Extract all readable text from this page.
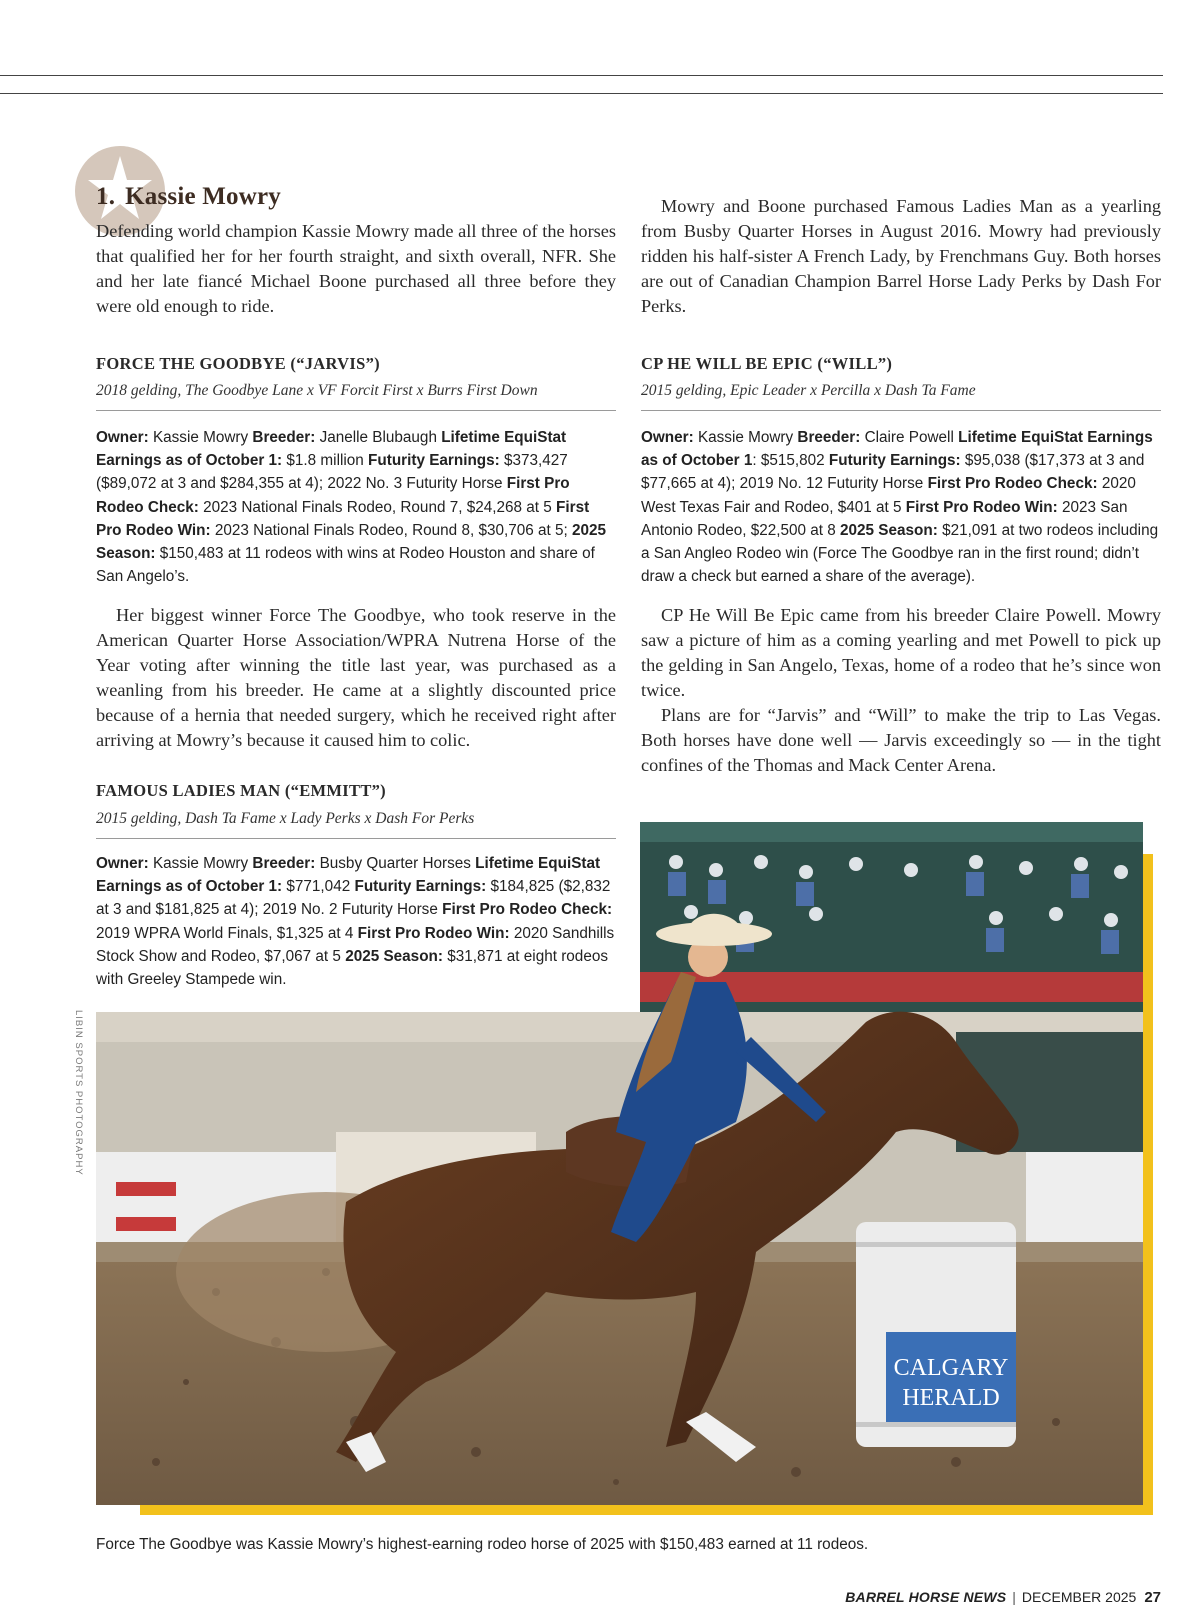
1. Kassie Mowry

Defending world champion Kassie Mowry made all three of the horses that qualified her for her fourth straight, and sixth overall, NFR. She and her late fiancé Michael Boone purchased all three before they were old enough to ride.

Mowry and Boone purchased Famous Ladies Man as a yearling from Busby Quarter Horses in August 2016. Mowry had previously ridden his half-sister A French Lady, by Frenchmans Guy. Both horses are out of Canadian Champion Barrel Horse Lady Perks by Dash For Perks.

FORCE THE GOODBYE (“JARVIS”)
2018 gelding, The Goodbye Lane x VF Forcit First x Burrs First Down

Owner: Kassie Mowry Breeder: Janelle Blubaugh Lifetime EquiStat Earnings as of October 1: $1.8 million Futurity Earnings: $373,427 ($89,072 at 3 and $284,355 at 4); 2022 No. 3 Futurity Horse First Pro Rodeo Check: 2023 National Finals Rodeo, Round 7, $24,268 at 5 First Pro Rodeo Win: 2023 National Finals Rodeo, Round 8, $30,706 at 5; 2025 Season: $150,483 at 11 rodeos with wins at Rodeo Houston and share of San Angelo’s.

CP HE WILL BE EPIC (“WILL”)
2015 gelding, Epic Leader x Percilla x Dash Ta Fame

Owner: Kassie Mowry Breeder: Claire Powell Lifetime EquiStat Earnings as of October 1: $515,802 Futurity Earnings: $95,038 ($17,373 at 3 and $77,665 at 4); 2019 No. 12 Futurity Horse First Pro Rodeo Check: 2020 West Texas Fair and Rodeo, $401 at 5 First Pro Rodeo Win: 2023 San Antonio Rodeo, $22,500 at 8 2025 Season: $21,091 at two rodeos including a San Angleo Rodeo win (Force The Goodbye ran in the first round; didn’t draw a check but earned a share of the average).

Her biggest winner Force The Goodbye, who took reserve in the American Quarter Horse Association/WPRA Nutrena Horse of the Year voting after winning the title last year, was purchased as a weanling from his breeder. He came at a slightly discounted price because of a hernia that needed surgery, which he received right after arriving at Mowry’s because it caused him to colic.

CP He Will Be Epic came from his breeder Claire Powell. Mowry saw a picture of him as a coming yearling and met Powell to pick up the gelding in San Angelo, Texas, home of a rodeo that he’s since won twice.

Plans are for “Jarvis” and “Will” to make the trip to Las Vegas. Both horses have done well — Jarvis exceedingly so — in the tight confines of the Thomas and Mack Center Arena.

CALGARY
HERALD
LIBIN SPORTS PHOTOGRAPHY
FAMOUS LADIES MAN (“EMMITT”)
2015 gelding, Dash Ta Fame x Lady Perks x Dash For Perks

Owner: Kassie Mowry Breeder: Busby Quarter Horses Lifetime EquiStat Earnings as of October 1: $771,042 Futurity Earnings: $184,825 ($2,832 at 3 and $181,825 at 4); 2019 No. 2 Futurity Horse First Pro Rodeo Check: 2019 WPRA World Finals, $1,325 at 4 First Pro Rodeo Win: 2020 Sandhills Stock Show and Rodeo, $7,067 at 5 2025 Season: $31,871 at eight rodeos with Greeley Stampede win.

Force The Goodbye was Kassie Mowry’s highest-earning rodeo horse of 2025 with $150,483 earned at 11 rodeos.
BARREL HORSE NEWS | DECEMBER 2025 27
